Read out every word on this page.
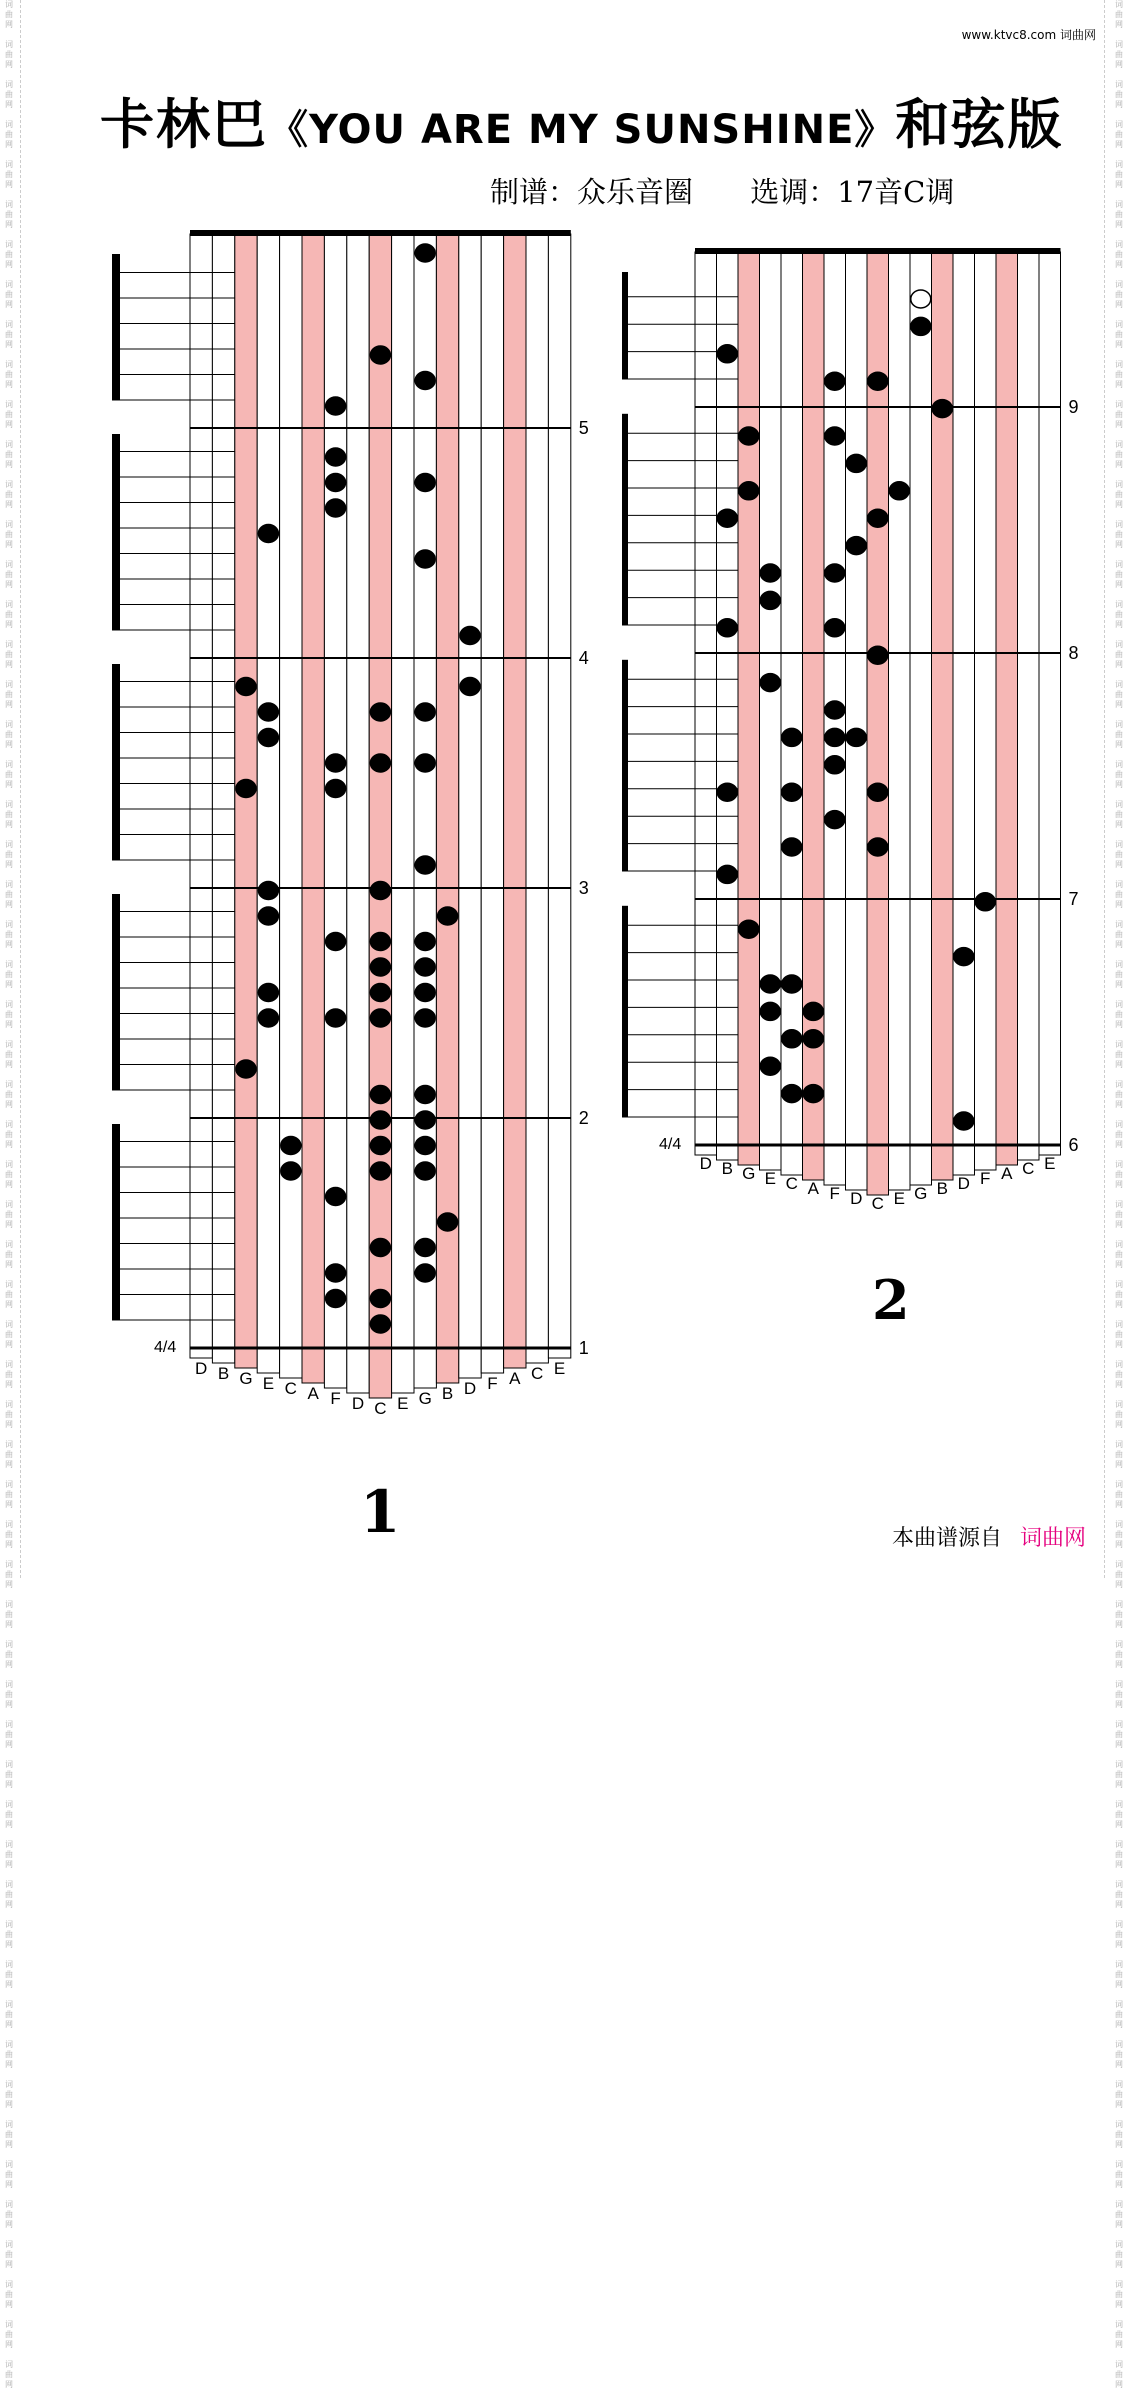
词
曲
网

词
曲
网

词
曲
网

词
曲
网

词
曲
网

词
曲
网

词
曲
网

词
曲
网

词
曲
网

词
曲
网

词
曲
网

词
曲
网

词
曲
网

词
曲
网

词
曲
网

词
曲
网

词
曲
网

词
曲
网

词
曲
网

词
曲
网

词
曲
网

词
曲
网

词
曲
网

词
曲
网

词
曲
网

词
曲
网

词
曲
网

词
曲
网

词
曲
网

词
曲
网

词
曲
网

词
曲
网

词
曲
网

词
曲
网

词
曲
网

词
曲
网

词
曲
网

词
曲
网

词
曲
网

词
曲
网

词
曲
网

词
曲
网

词
曲
网

词
曲
网

词
曲
网

词
曲
网

词
曲
网

词
曲
网

词
曲
网

词
曲
网

词
曲
网

词
曲
网

词
曲
网

词
曲
网

词
曲
网

词
曲
网

词
曲
网

词
曲
网

词
曲
网

词
曲
网

词
曲
网

词
曲
网

词
曲
网

词
曲
网

词
曲
网

词
曲
网

词
曲
网

词
曲
网

词
曲
网

词
曲
网

词
曲
网

词
曲
网

词
曲
网

词
曲
网

词
曲
网

词
曲
网

词
曲
网

词
曲
网

词
曲
网

词
曲
网

词
曲
网

词
曲
网

词
曲
网

词
曲
网

词
曲
网

词
曲
网

词
曲
网

词
曲
网

词
曲
网

词
曲
网

词
曲
网

词
曲
网

词
曲
网

词
曲
网

词
曲
网

词
曲
网

词
曲
网

词
曲
网

词
曲
网

词
曲
网

词
曲
网

词
曲
网

词
曲
网

词
曲
网

词
曲
网

词
曲
网

词
曲
网

词
曲
网

词
曲
网

词
曲
网

词
曲
网

词
曲
网

词
曲
网

词
曲
网

词
曲
网

词
曲
网

词
曲
网

词
曲
网

词
曲
网

词
曲
网

www.ktvc8.com 词曲网
卡林巴《YOU ARE MY SUNSHINE》和弦版
制谱：众乐音圈 选调：17音C调
D B G E C A F D C E G B D F A C E
1
2
3
4
5
4/4
D B G E C A F D C E G B D F A C E
6
7
8
9
4/4
1
2
本曲谱源自 词曲网
